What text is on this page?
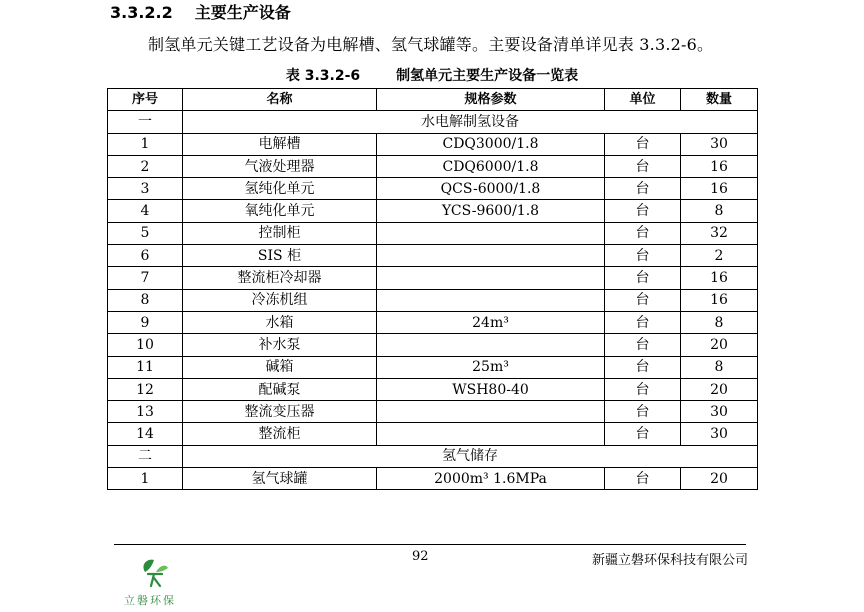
3.3.2.2 主要生产设备
制氢单元关键工艺设备为电解槽、氢气球罐等。主要设备清单详见表 3.3.2-6。
表 3.3.2-6	制氢单元主要生产设备一览表
序号	名称	规格参数	单位	数量
一	水电解制氢设备			
1	电解槽	CDQ3000/1.8	台	30
2	气液处理器	CDQ6000/1.8	台	16
3	氢纯化单元	QCS-6000/1.8	台	16
4	氧纯化单元	YCS-9600/1.8	台	8
5	控制柜		台	32
6	SIS 柜		台	2
7	整流柜冷却器		台	16
8	冷冻机组		台	16
9	水箱	24m³	台	8
10	补水泵		台	20
11	碱箱	25m³	台	8
12	配碱泵	WSH80-40	台	20
13	整流变压器		台	30
14	整流柜		台	30
二	氢气储存			
1	氢气球罐	2000m³ 1.6MPa	台	20
92	新疆立磐环保科技有限公司
立磐环保
